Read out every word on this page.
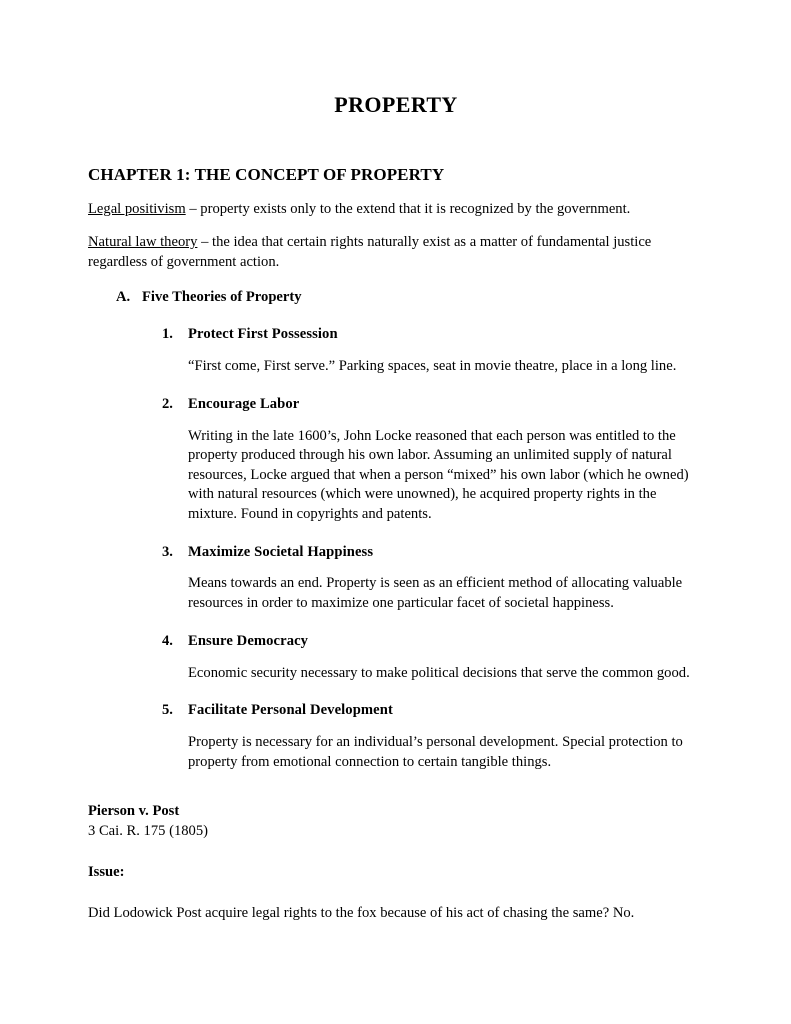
PROPERTY
CHAPTER 1: THE CONCEPT OF PROPERTY

Legal positivism – property exists only to the extend that it is recognized by the government.

Natural law theory – the idea that certain rights naturally exist as a matter of fundamental justice regardless of government action.

A. Five Theories of Property
1. Protect First Possession
“First come, First serve.” Parking spaces, seat in movie theatre, place in a long line.
2. Encourage Labor
Writing in the late 1600’s, John Locke reasoned that each person was entitled to the property produced through his own labor. Assuming an unlimited supply of natural resources, Locke argued that when a person “mixed” his own labor (which he owned) with natural resources (which were unowned), he acquired property rights in the mixture. Found in copyrights and patents.
3. Maximize Societal Happiness
Means towards an end. Property is seen as an efficient method of allocating valuable resources in order to maximize one particular facet of societal happiness.
4. Ensure Democracy
Economic security necessary to make political decisions that serve the common good.
5. Facilitate Personal Development
Property is necessary for an individual’s personal development. Special protection to property from emotional connection to certain tangible things.

Pierson v. Post

3 Cai. R. 175 (1805)

Issue:

Did Lodowick Post acquire legal rights to the fox because of his act of chasing the same? No.
